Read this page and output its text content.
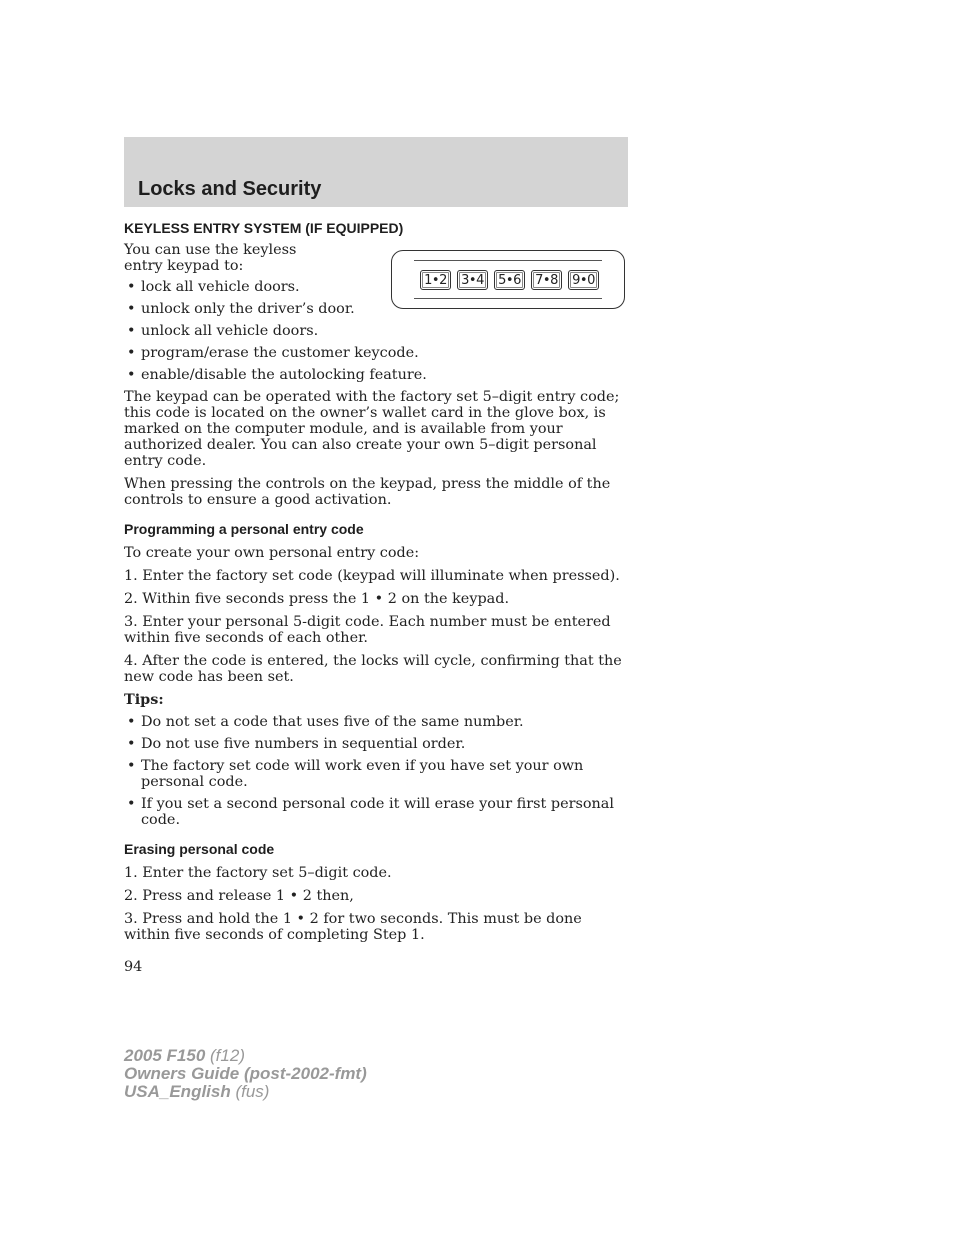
Locks and Security
1•2	3•4	5•6	7•8	9•0
KEYLESS ENTRY SYSTEM (IF EQUIPPED)

You can use the keyless entry keypad to:

• lock all vehicle doors.
• unlock only the driver’s door.
• unlock all vehicle doors.
• program/erase the customer keycode.
• enable/disable the autolocking feature.

The keypad can be operated with the factory set 5–digit entry code; this code is located on the owner’s wallet card in the glove box, is marked on the computer module, and is available from your authorized dealer. You can also create your own 5–digit personal entry code.

When pressing the controls on the keypad, press the middle of the controls to ensure a good activation.

Programming a personal entry code

To create your own personal entry code:

1. Enter the factory set code (keypad will illuminate when pressed).

2. Within five seconds press the 1 • 2 on the keypad.

3. Enter your personal 5-digit code. Each number must be entered within five seconds of each other.

4. After the code is entered, the locks will cycle, confirming that the new code has been set.

Tips:

• Do not set a code that uses five of the same number.
• Do not use five numbers in sequential order.
• The factory set code will work even if you have set your own personal code.
• If you set a second personal code it will erase your first personal code.
Erasing personal code

1. Enter the factory set 5–digit code.

2. Press and release 1 • 2 then,

3. Press and hold the 1 • 2 for two seconds. This must be done within five seconds of completing Step 1.

94

2005 F150 (f12)
Owners Guide (post-2002-fmt)
USA_English (fus)
